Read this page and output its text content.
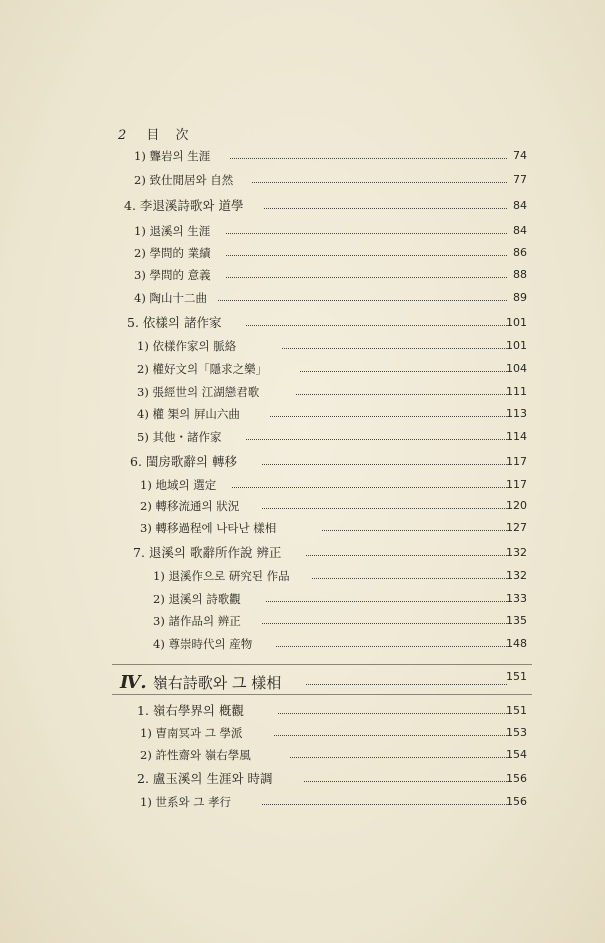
2 目 次
1) 聾岩의 生涯	74
2) 致仕閒居와 自然	77
4. 李退溪詩歌와 道學	84
1) 退溪의 生涯	84
2) 學問的 業績	86
3) 學問的 意義	88
4) 陶山十二曲	89
5. 依樣의 諸作家	101
1) 依樣作家의 脈絡	101
2) 權好文의「隱求之樂」	104
3) 張經世의 江湖戀君歌	111
4) 權 榘의 屛山六曲	113
5) 其他・諸作家	114
6. 閨房歌辭의 轉移	117
1) 地域의 選定	117
2) 轉移流通의 狀況	120
3) 轉移過程에 나타난 樣相	127
7. 退溪의 歌辭所作說 辨正	132
1) 退溪作으로 硏究된 作品	132
2) 退溪의 詩歌觀	133
3) 諸作品의 辨正	135
4) 尊崇時代의 産物	148
Ⅳ. 嶺右詩歌와 그 樣相	151
1. 嶺右學界의 槪觀	151
1) 曺南冥과 그 學派	153
2) 許性齋와 嶺右學風	154
2. 盧玉溪의 生涯와 時調	156
1) 世系와 그 孝行	156
